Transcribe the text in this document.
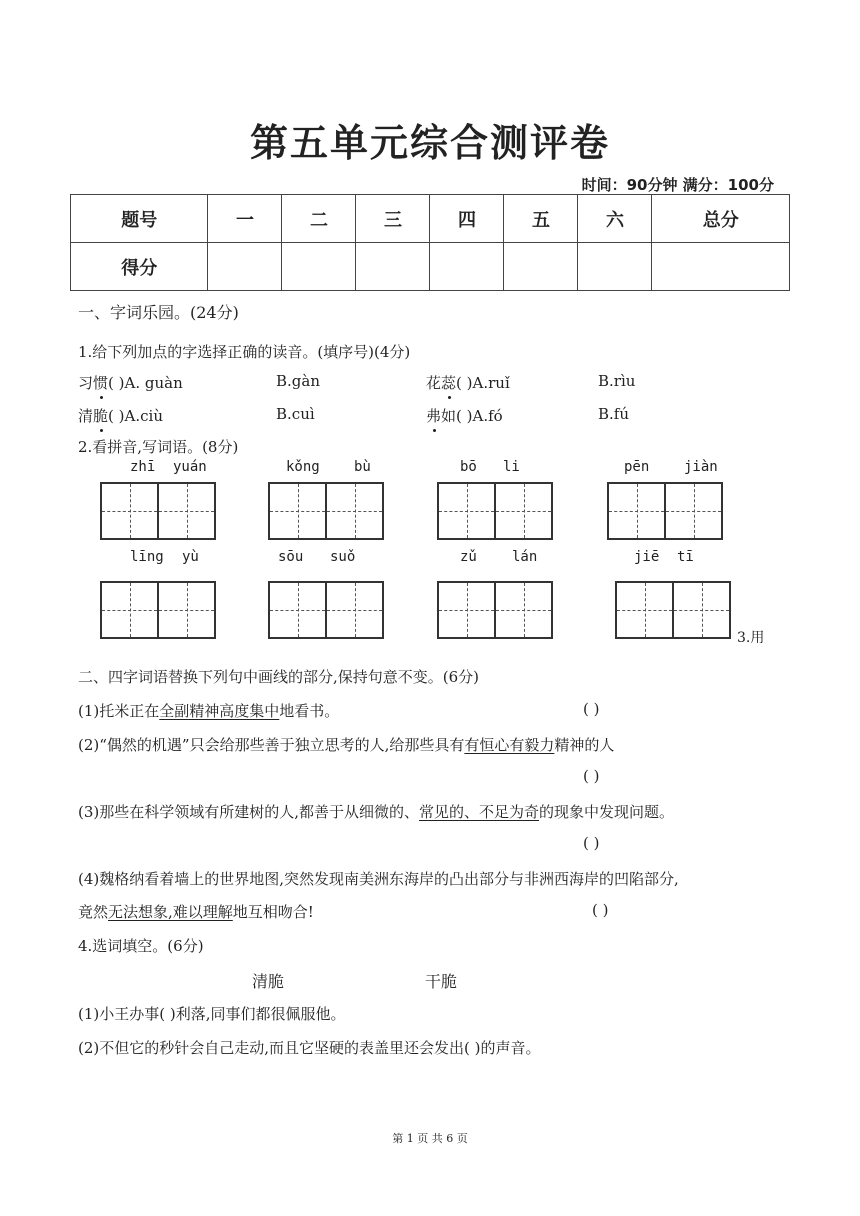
第五单元综合测评卷
时间：90分钟 满分：100分
题号	一	二	三	四	五	六	总分
得分							
一、字词乐园。(24分)
1.给下列加点的字选择正确的读音。(填序号)(4分)
习惯( )A. guàn	B.gàn	花蕊( )A.ruǐ	B.rìu
清脆( )A.ciù	B.cuì	弗如( )A.fó	B.fú
2.看拼音,写词语。(8分)
zhī yuán	kǒng bù	bō li	pēn jiàn
līng yù	sōu suǒ	zǔ	lán	jiē tī
3.用
二、四字词语替换下列句中画线的部分,保持句意不变。(6分)
(1)托米正在全副精神高度集中地看书。	( )
(2)“偶然的机遇”只会给那些善于独立思考的人,给那些具有有恒心有毅力精神的人
( )
(3)那些在科学领域有所建树的人,都善于从细微的、常见的、不足为奇的现象中发现问题。
( )
(4)魏格纳看着墙上的世界地图,突然发现南美洲东海岸的凸出部分与非洲西海岸的凹陷部分,
竟然无法想象,难以理解地互相吻合!	( )
4.选词填空。(6分)
清脆	干脆
(1)小王办事( )利落,同事们都很佩服他。
(2)不但它的秒针会自己走动,而且它坚硬的表盖里还会发出( )的声音。
第 1 页 共 6 页
